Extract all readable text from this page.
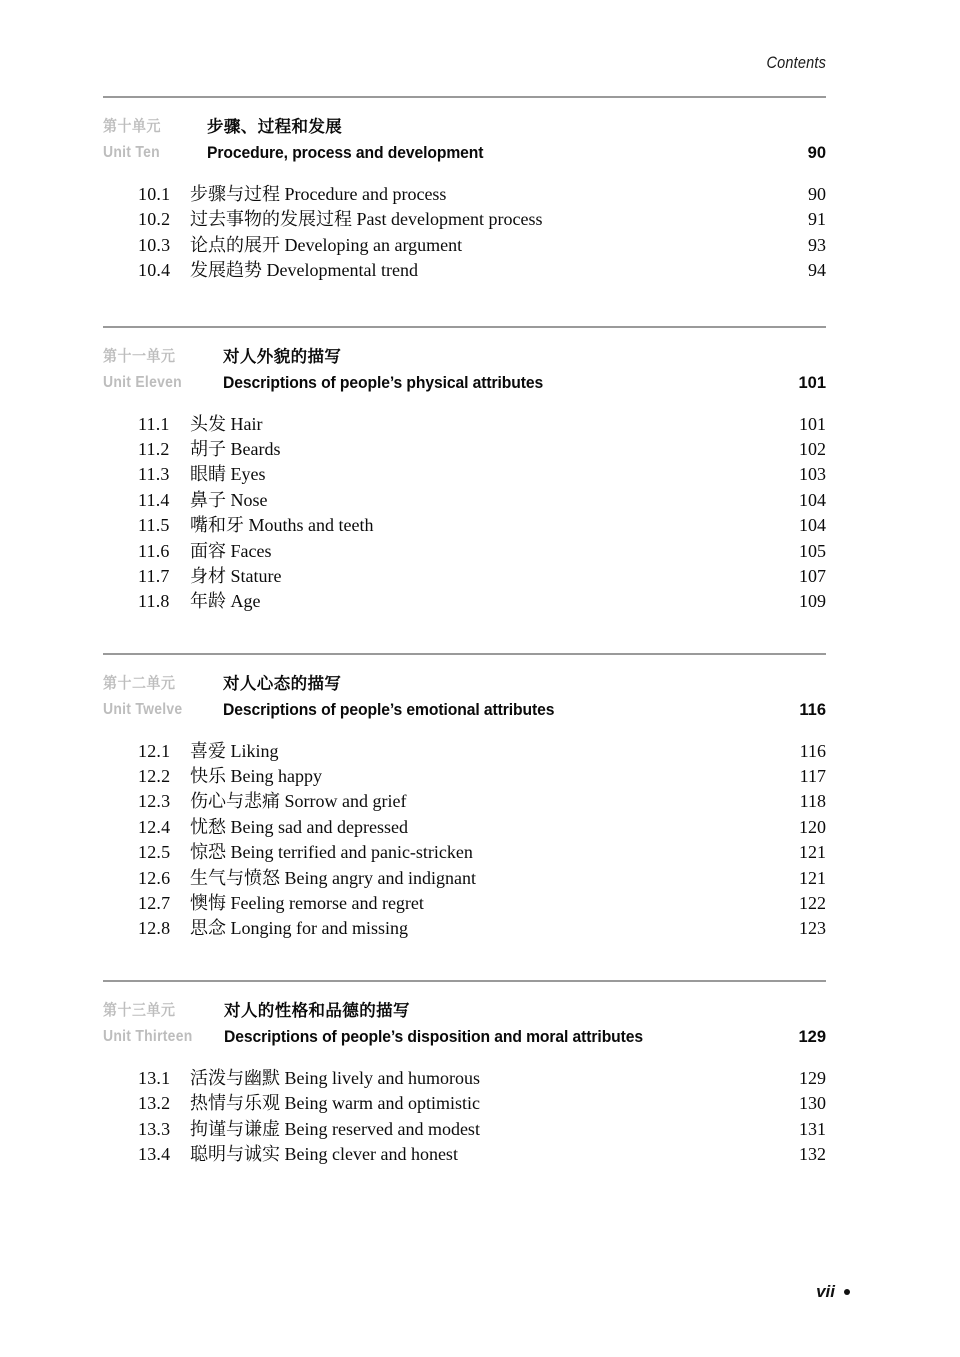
Contents
第十单元
Unit Ten
步骤、过程和发展
Procedure, process and development	90
10.1	步骤与过程 Procedure and process	90
10.2	过去事物的发展过程 Past development process	91
10.3	论点的展开 Developing an argument	93
10.4	发展趋势 Developmental trend	94
第十一单元
Unit Eleven
对人外貌的描写
Descriptions of people’s physical attributes	101
11.1	头发 Hair	101
11.2	胡子 Beards	102
11.3	眼睛 Eyes	103
11.4	鼻子 Nose	104
11.5	嘴和牙 Mouths and teeth	104
11.6	面容 Faces	105
11.7	身材 Stature	107
11.8	年龄 Age	109
第十二单元
Unit Twelve
对人心态的描写
Descriptions of people’s emotional attributes	116
12.1	喜爱 Liking	116
12.2	快乐 Being happy	117
12.3	伤心与悲痛 Sorrow and grief	118
12.4	忧愁 Being sad and depressed	120
12.5	惊恐 Being terrified and panic-stricken	121
12.6	生气与愤怒 Being angry and indignant	121
12.7	懊悔 Feeling remorse and regret	122
12.8	思念 Longing for and missing	123
第十三单元
Unit Thirteen
对人的性格和品德的描写
Descriptions of people’s disposition and moral attributes	129
13.1	活泼与幽默 Being lively and humorous	129
13.2	热情与乐观 Being warm and optimistic	130
13.3	拘谨与谦虚 Being reserved and modest	131
13.4	聪明与诚实 Being clever and honest	132
vii
